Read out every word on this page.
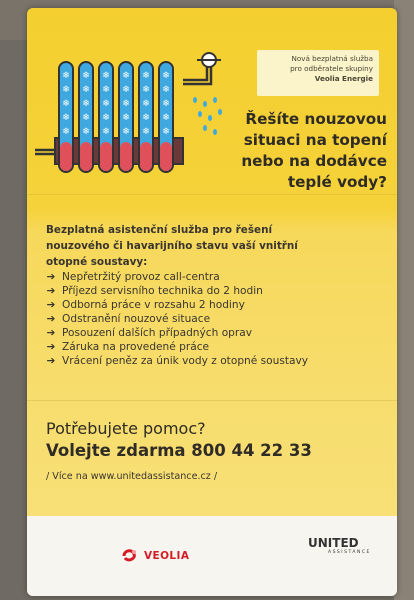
❄
❄
❄
❄
❄
❄
❄
❄
❄
❄
❄
❄
❄
❄
❄
❄
❄
❄
❄
❄
❄
❄
❄
❄
❄
❄
❄
❄
❄
❄
Nová bezplatná služba
pro odběratele skupiny
Veolia Energie
Řešíte nouzovou
situaci na topení
nebo na dodávce
teplé vody?
Bezplatná asistenční služba pro řešení
nouzového či havarijního stavu vaší vnitřní
otopné soustavy:
➔ Nepřetržitý provoz call-centra
➔ Příjezd servisního technika do 2 hodin
➔ Odborná práce v rozsahu 2 hodiny
➔ Odstranění nouzové situace
➔ Posouzení dalších případných oprav
➔ Záruka na provedené práce
➔ Vrácení peněz za únik vody z otopné soustavy
Potřebujete pomoc?
Volejte zdarma 800 44 22 33
/ Více na www.unitedassistance.cz /
VEOLIA
UNITED
ASSISTANCE
